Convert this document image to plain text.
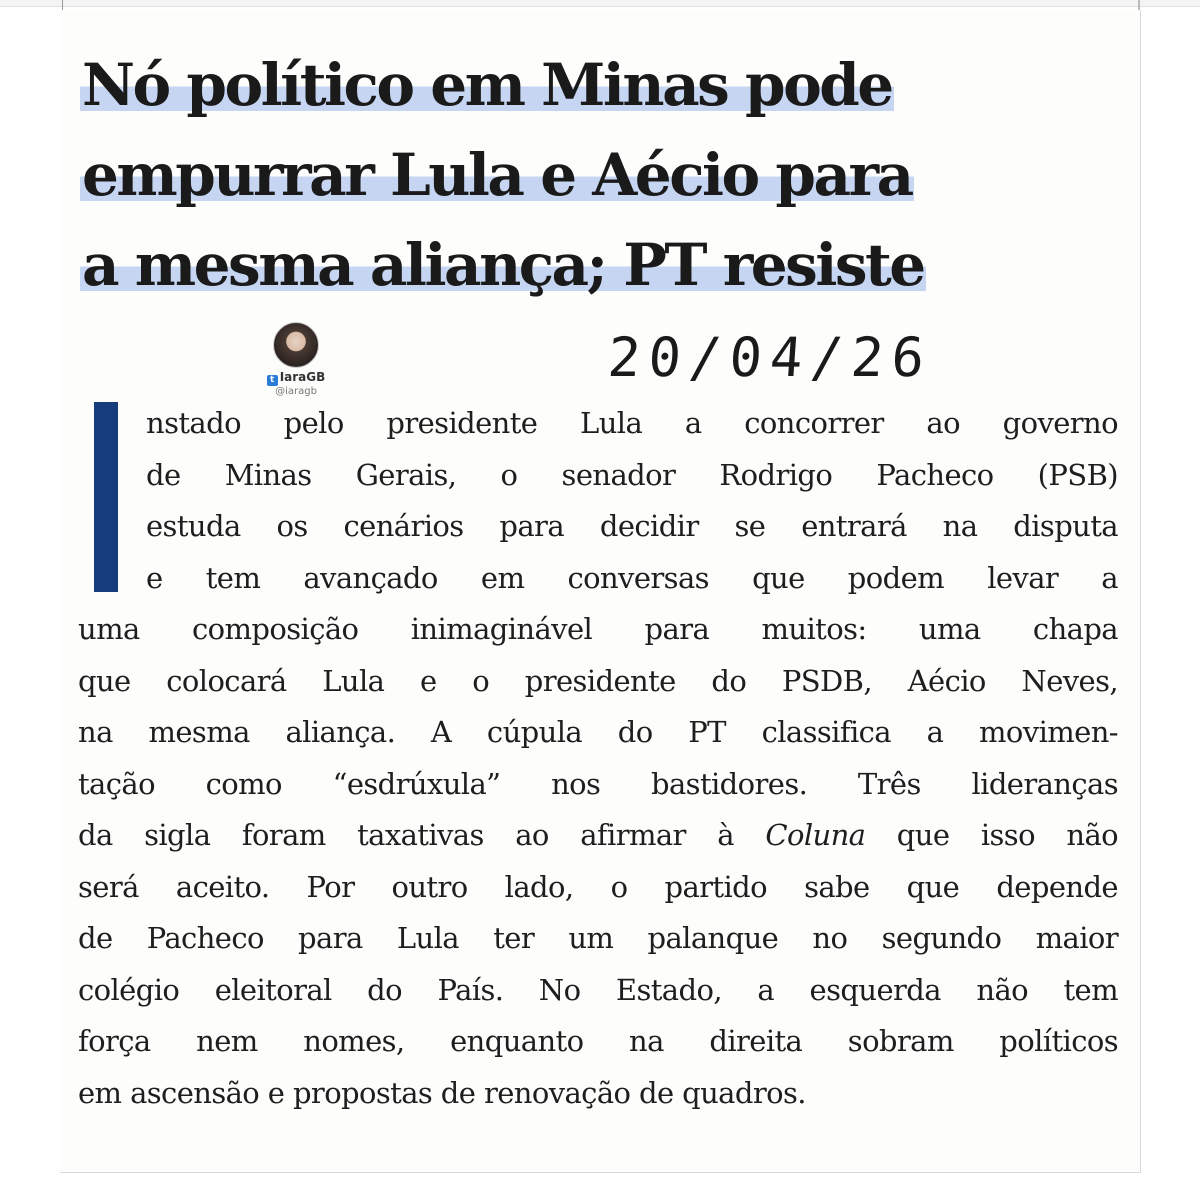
Nó político em Minas pode
empurrar Lula e Aécio para
a mesma aliança; PT resiste
t IaraGB
@iaragb
20/04/26
nstado pelo presidente Lula a concorrer ao governo
de Minas Gerais, o senador Rodrigo Pacheco (PSB)
estuda os cenários para decidir se entrará na disputa
e tem avançado em conversas que podem levar a
uma composição inimaginável para muitos: uma chapa
que colocará Lula e o presidente do PSDB, Aécio Neves,
na mesma aliança. A cúpula do PT classifica a movimen-
tação como “esdrúxula” nos bastidores. Três lideranças
da sigla foram taxativas ao afirmar à Coluna que isso não
será aceito. Por outro lado, o partido sabe que depende
de Pacheco para Lula ter um palanque no segundo maior
colégio eleitoral do País. No Estado, a esquerda não tem
força nem nomes, enquanto na direita sobram políticos
em ascensão e propostas de renovação de quadros.
